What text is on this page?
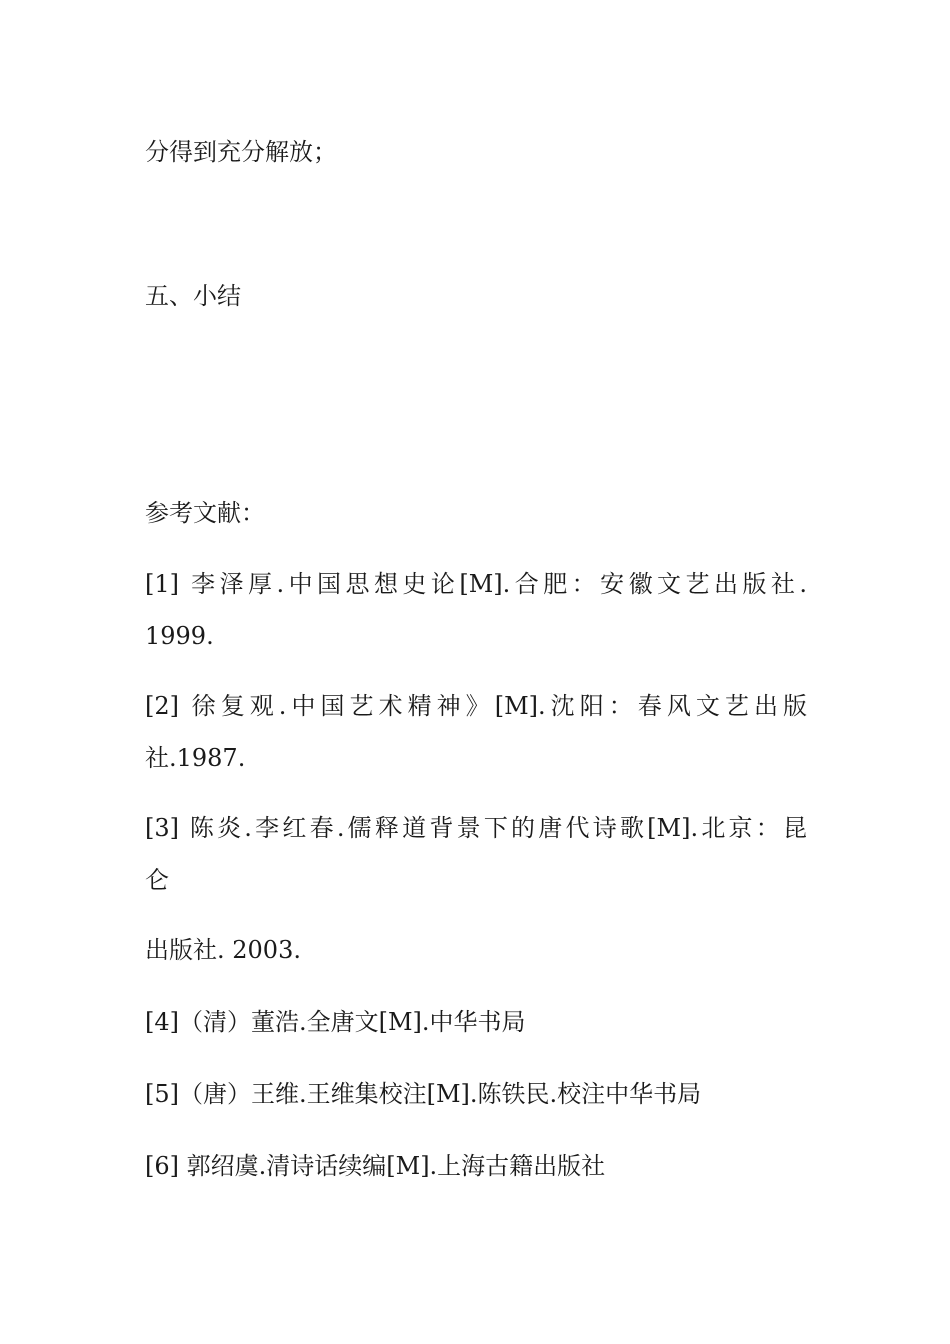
分得到充分解放；
五、小结
参考文献：
[1] 李泽厚.中国思想史论[M].合肥：安徽文艺出版社.
1999.
[2] 徐复观.中国艺术精神》[M].沈阳：春风文艺出版
社.1987.
[3] 陈炎.李红春.儒释道背景下的唐代诗歌[M].北京：昆
仑
出版社. 2003.
[4]（清）董浩.全唐文[M].中华书局
[5]（唐）王维.王维集校注[M].陈铁民.校注中华书局
[6] 郭绍虞.清诗话续编[M].上海古籍出版社
